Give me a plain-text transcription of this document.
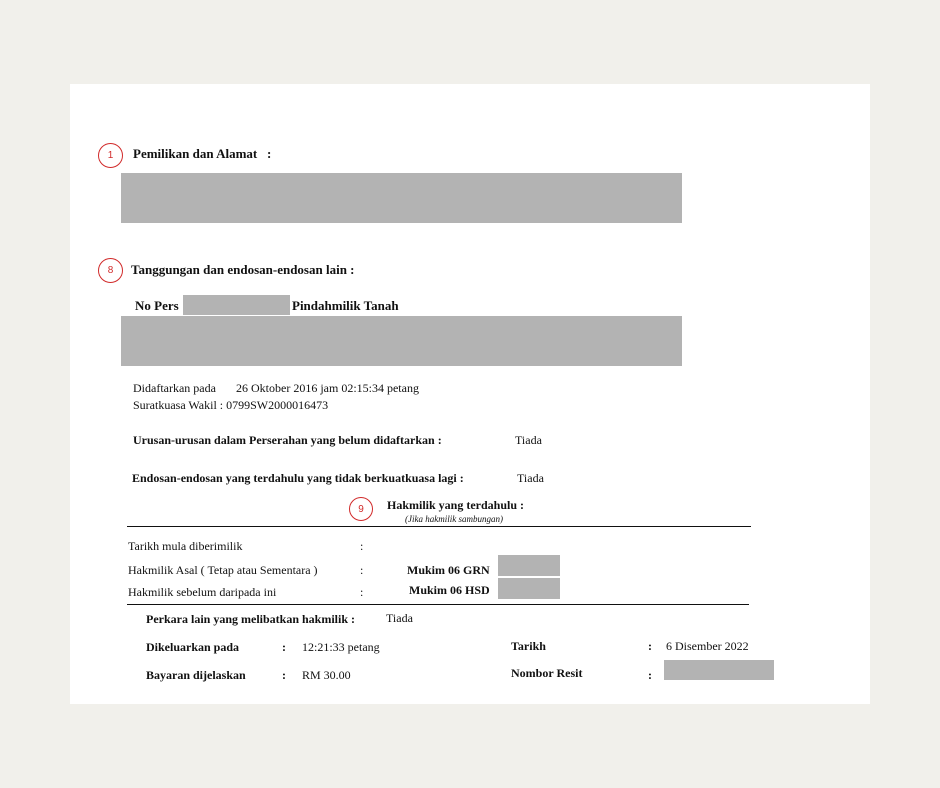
1	Pemilikan dan Alamat :
8	Tanggungan dan endosan-endosan lain :
No Pers	Pindahmilik Tanah
Didaftarkan pada 26 Oktober 2016 jam 02:15:34 petang
Suratkuasa Wakil : 0799SW2000016473
Urusan-urusan dalam Perserahan yang belum didaftarkan :	Tiada
Endosan-endosan yang terdahulu yang tidak berkuatkuasa lagi :	Tiada
9	Hakmilik yang terdahulu :
(Jika hakmilik sambungan)
Tarikh mula diberimilik	:
Hakmilik Asal ( Tetap atau Sementara )	:	Mukim 06 GRN
Hakmilik sebelum daripada ini	:	Mukim 06 HSD
Perkara lain yang melibatkan hakmilik :	Tiada
Dikeluarkan pada	: 12:21:33 petang	Tarikh	: 6 Disember 2022
Bayaran dijelaskan	: RM 30.00	Nombor Resit	:
